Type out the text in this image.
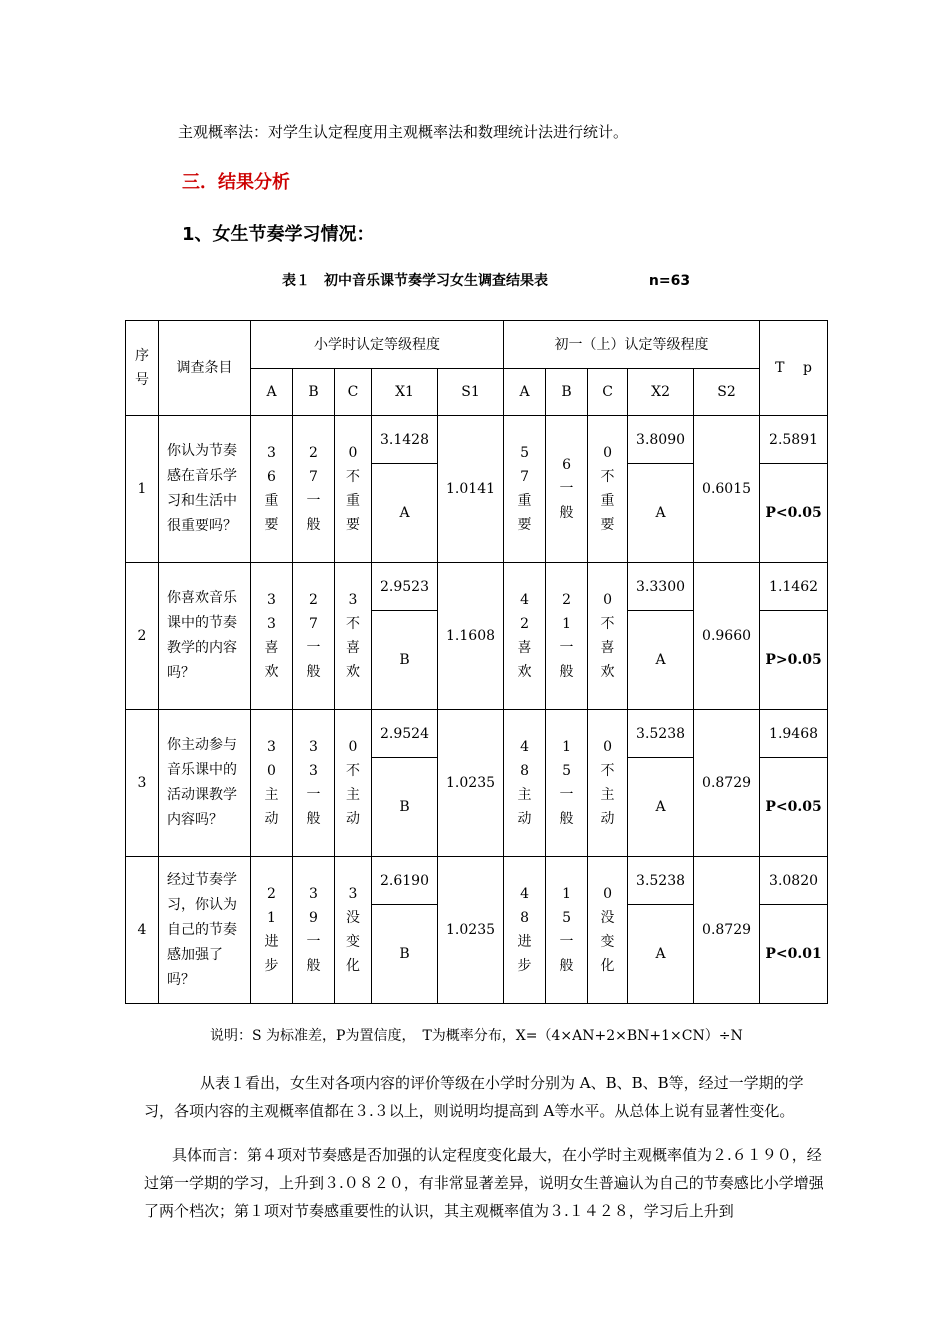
主观概率法：对学生认定程度用主观概率法和数理统计法进行统计。

三．结果分析

1、女生节奏学习情况：

表１　初中音乐课节奏学习女生调查结果表	n=63

序号	调查条目	小学时认定等级程度					初一（上）认定等级程度					T　 p
		A	B	C	X1	S1	A	B	C	X2	S2	
1	你认为节奏感在音乐学习和生活中很重要吗？	36重要	27一般	0不重要	3.1428	1.0141	57重要	6一般	0不重要	3.8090	0.6015	2.5891
					A					A		P<0.05
2	你喜欢音乐课中的节奏教学的内容吗？	33喜欢	27一般	3不喜欢	2.9523	1.1608	42喜欢	21一般	0不喜欢	3.3300	0.9660	1.1462
					B					A		P>0.05
3	你主动参与音乐课中的活动课教学内容吗？	30主动	33一般	0不主动	2.9524	1.0235	48主动	15一般	0不主动	3.5238	0.8729	1.9468
					B					A		P<0.05
4	经过节奏学习，你认为自己的节奏感加强了吗？	21进步	39一般	3没变化	2.6190	1.0235	48进步	15一般	0没变化	3.5238	0.8729	3.0820
					B					A		P<0.01

说明：S 为标准差，P为置信度，　T为概率分布，X=（4×AN+2×BN+1×CN）÷N

从表１看出，女生对各项内容的评价等级在小学时分别为 A、B、B、B等，经过一学期的学习，各项内容的主观概率值都在３.３以上，则说明均提高到 A等水平。从总体上说有显著性变化。

具体而言：第４项对节奏感是否加强的认定程度变化最大，在小学时主观概率值为２.６１９０，经过第一学期的学习，上升到３.０８２０，有非常显著差异，说明女生普遍认为自己的节奏感比小学增强了两个档次；第１项对节奏感重要性的认识，其主观概率值为３.１４２８，学习后上升到
